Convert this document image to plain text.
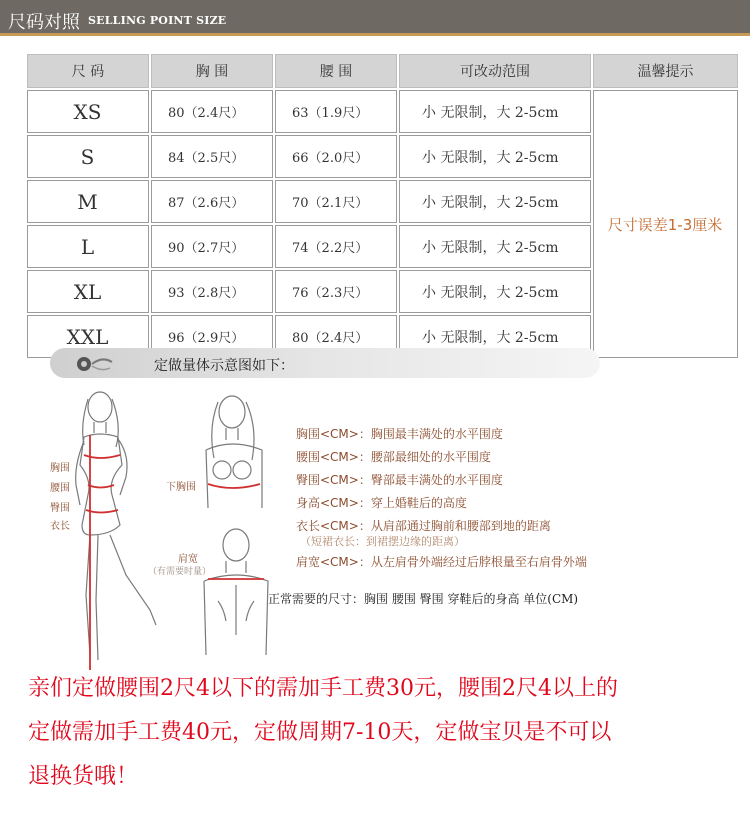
尺码对照 SELLING POINT SIZE
尺 码	胸 围	腰 围	可改动范围	温馨提示
XS	80（2.4尺）	63（1.9尺）	小 无限制，大 2-5cm	尺寸误差1-3厘米
S	84（2.5尺）	66（2.0尺）	小 无限制，大 2-5cm	
M	87（2.6尺）	70（2.1尺）	小 无限制，大 2-5cm	
L	90（2.7尺）	74（2.2尺）	小 无限制，大 2-5cm	
XL	93（2.8尺）	76（2.3尺）	小 无限制，大 2-5cm	
XXL	96（2.9尺）	80（2.4尺）	小 无限制，大 2-5cm	
定做量体示意图如下：
胸围
腰围
臀围
衣长
下胸围
肩宽
（有需要时量）
胸围<CM>：胸围最丰满处的水平围度
腰围<CM>：腰部最细处的水平围度
臀围<CM>：臀部最丰满处的水平围度
身高<CM>：穿上婚鞋后的高度
衣长<CM>：从肩部通过胸前和腰部到地的距离
（短裙衣长：到裙摆边缘的距离）
肩宽<CM>：从左肩骨外端经过后脖根量至右肩骨外端
正常需要的尺寸：胸围 腰围 臀围 穿鞋后的身高 单位(CM)
亲们定做腰围2尺4以下的需加手工费30元，腰围2尺4以上的
定做需加手工费40元，定做周期7-10天，定做宝贝是不可以
退换货哦！
